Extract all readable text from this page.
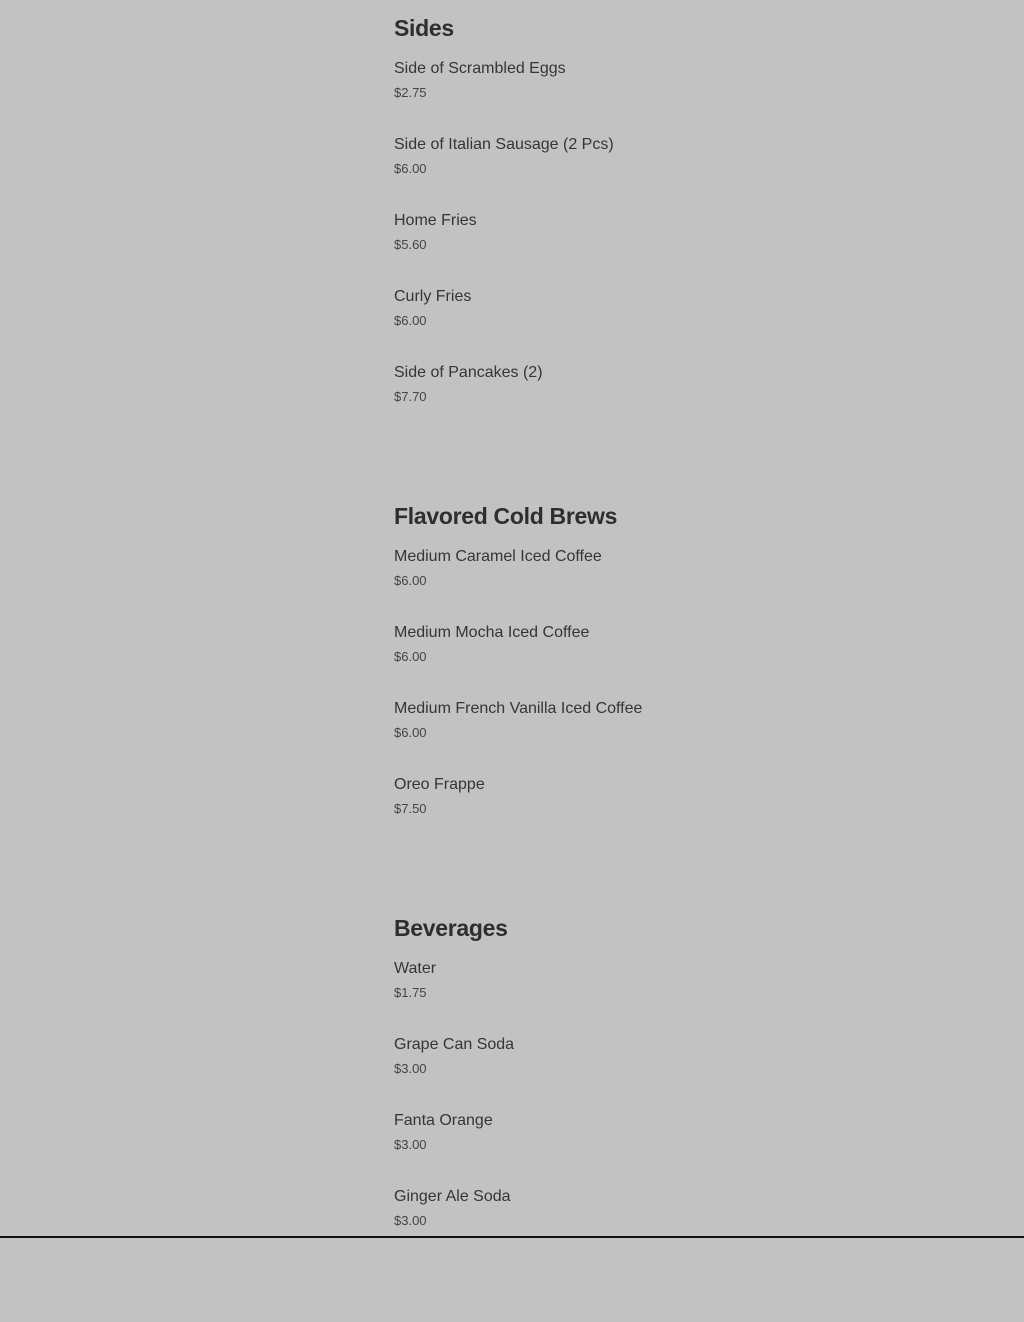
Sides
Side of Scrambled Eggs
$2.75
Side of Italian Sausage (2 Pcs)
$6.00
Home Fries
$5.60
Curly Fries
$6.00
Side of Pancakes (2)
$7.70
Flavored Cold Brews
Medium Caramel Iced Coffee
$6.00
Medium Mocha Iced Coffee
$6.00
Medium French Vanilla Iced Coffee
$6.00
Oreo Frappe
$7.50
Beverages
Water
$1.75
Grape Can Soda
$3.00
Fanta Orange
$3.00
Ginger Ale Soda
$3.00
